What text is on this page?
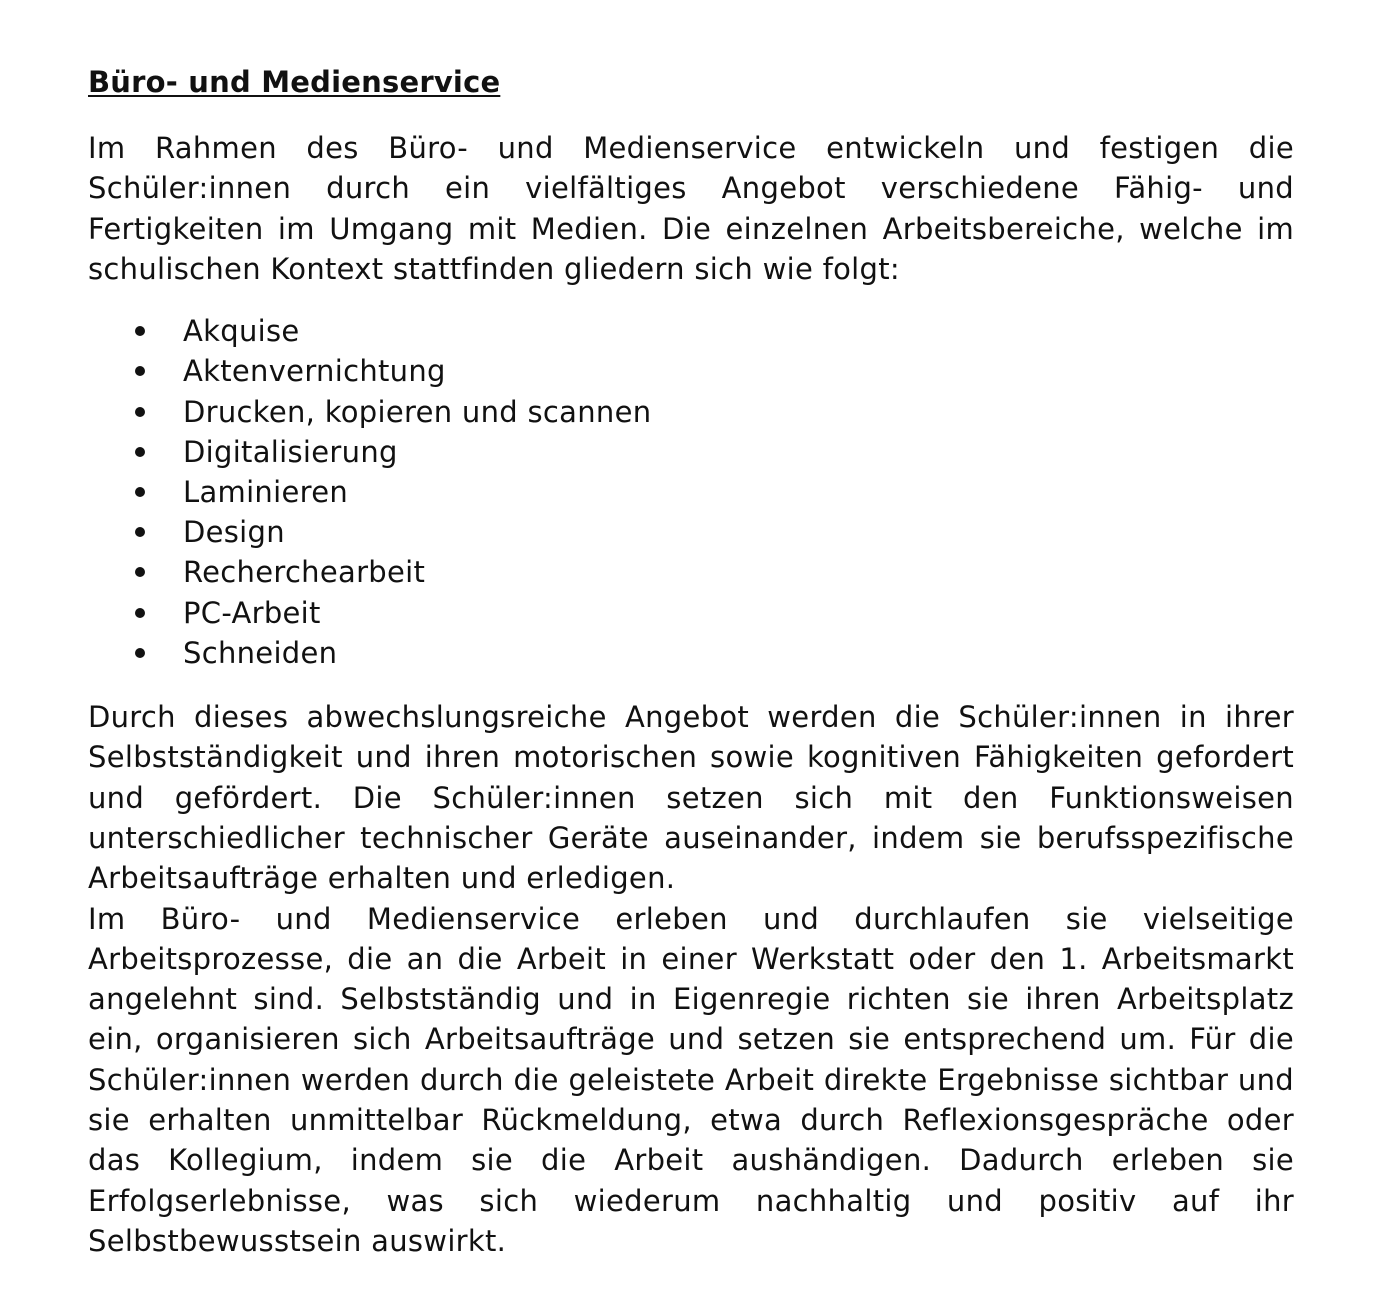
Büro- und Medienservice

Im Rahmen des Büro- und Medienservice entwickeln und festigen die Schüler:innen durch ein vielfältiges Angebot verschiedene Fähig- und Fertigkeiten im Umgang mit Medien. Die einzelnen Arbeitsbereiche, welche im schulischen Kontext stattfinden gliedern sich wie folgt:

Akquise
Aktenvernichtung
Drucken, kopieren und scannen
Digitalisierung
Laminieren
Design
Recherchearbeit
PC-Arbeit
Schneiden

Durch dieses abwechslungsreiche Angebot werden die Schüler:innen in ihrer Selbstständigkeit und ihren motorischen sowie kognitiven Fähigkeiten gefordert und gefördert. Die Schüler:innen setzen sich mit den Funktionsweisen unterschiedlicher technischer Geräte auseinander, indem sie berufsspezifische Arbeitsaufträge erhalten und erledigen.

Im Büro- und Medienservice erleben und durchlaufen sie vielseitige Arbeitsprozesse, die an die Arbeit in einer Werkstatt oder den 1. Arbeitsmarkt angelehnt sind. Selbstständig und in Eigenregie richten sie ihren Arbeitsplatz ein, organisieren sich Arbeitsaufträge und setzen sie entsprechend um. Für die Schüler:innen werden durch die geleistete Arbeit direkte Ergebnisse sichtbar und sie erhalten unmittelbar Rückmeldung, etwa durch Reflexionsgespräche oder das Kollegium, indem sie die Arbeit aushändigen. Dadurch erleben sie Erfolgserlebnisse, was sich wiederum nachhaltig und positiv auf ihr Selbstbewusstsein auswirkt.
